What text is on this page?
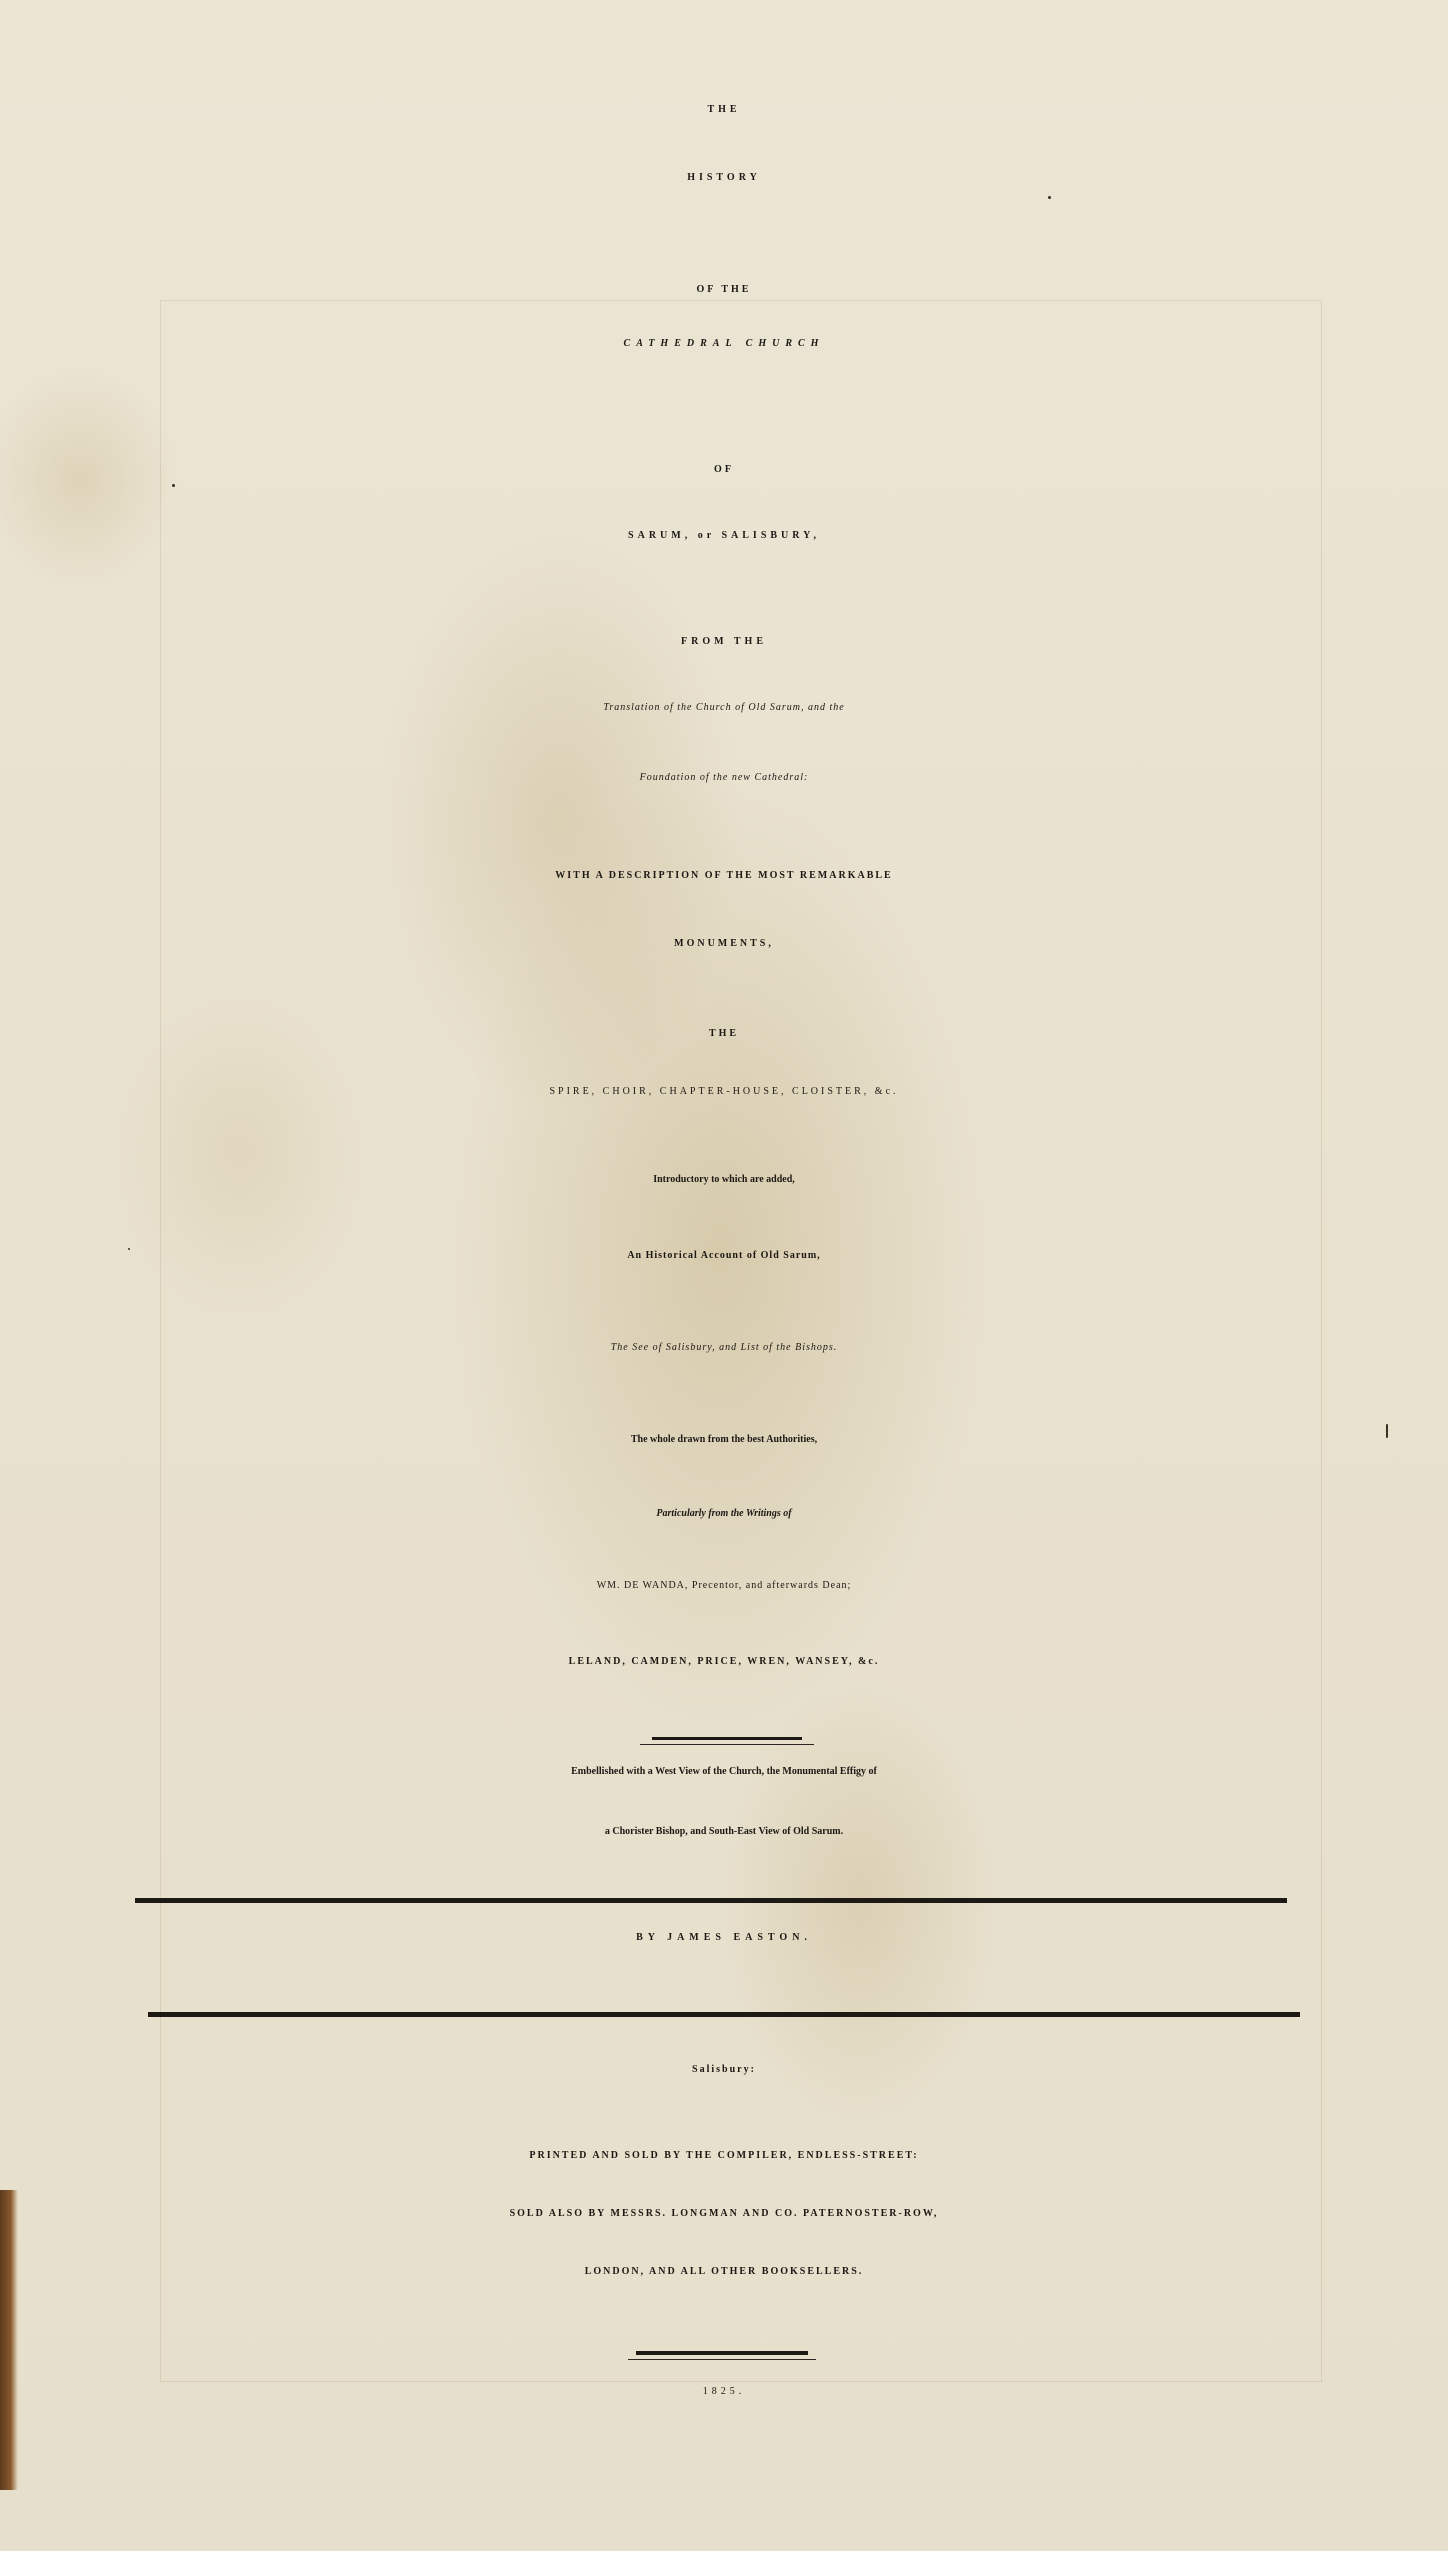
THE
HISTORY
OF THE
CATHEDRAL CHURCH
OF
SARUM, or SALISBURY,
FROM THE
Translation of the Church of Old Sarum, and the
Foundation of the new Cathedral:
WITH A DESCRIPTION OF THE MOST REMARKABLE
MONUMENTS,
THE
SPIRE, CHOIR, CHAPTER-HOUSE, CLOISTER, &c.
Introductory to which are added,
An Historical Account of Old Sarum,
The See of Salisbury, and List of the Bishops.
The whole drawn from the best Authorities,
Particularly from the Writings of
WM. DE WANDA, Precentor, and afterwards Dean;
LELAND, CAMDEN, PRICE, WREN, WANSEY, &c.
Embellished with a West View of the Church, the Monumental Effigy of
a Chorister Bishop, and South-East View of Old Sarum.
BY JAMES EASTON.
Salisbury:
PRINTED AND SOLD BY THE COMPILER, ENDLESS-STREET:
SOLD ALSO BY MESSRS. LONGMAN AND CO. PATERNOSTER-ROW,
LONDON, AND ALL OTHER BOOKSELLERS.
1825.
